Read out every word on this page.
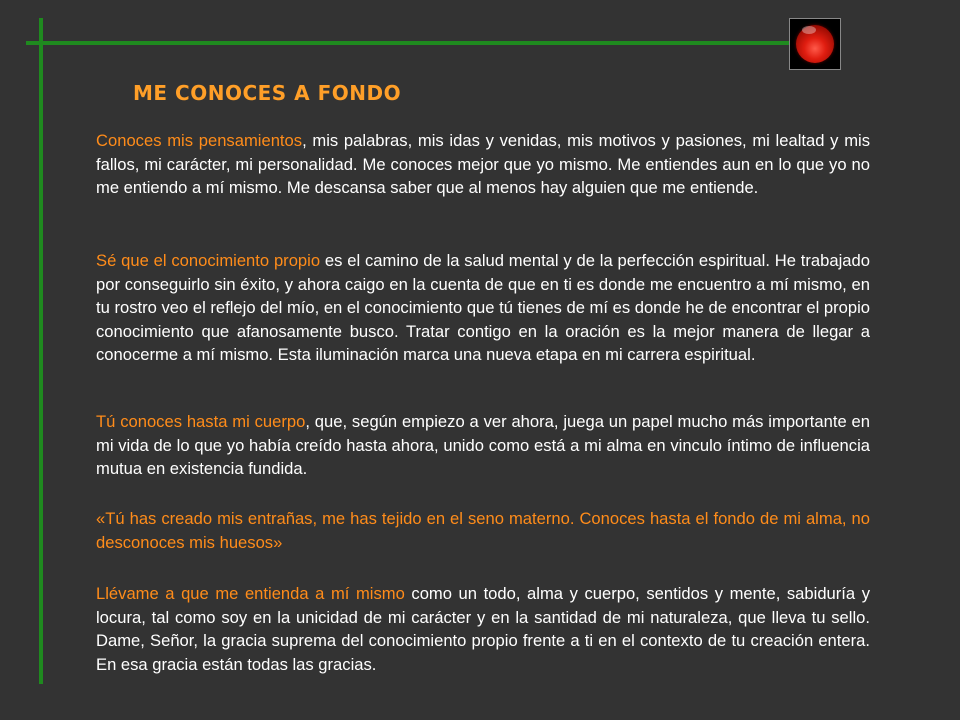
ME CONOCES A FONDO

Conoces mis pensamientos, mis palabras, mis idas y venidas, mis motivos y pasiones, mi lealtad y mis fallos, mi carácter, mi personalidad. Me conoces mejor que yo mismo. Me entiendes aun en lo que yo no me entiendo a mí mismo. Me descansa saber que al menos hay alguien que me entiende.

Sé que el conocimiento propio es el camino de la salud mental y de la perfección espiritual. He trabajado por conseguirlo sin éxito, y ahora caigo en la cuenta de que en ti es donde me encuentro a mí mismo, en tu rostro veo el reflejo del mío, en el conocimiento que tú tienes de mí es donde he de encontrar el propio conocimiento que afanosamente busco. Tratar contigo en la oración es la mejor manera de llegar a conocerme a mí mismo. Esta iluminación marca una nueva etapa en mi carrera espiritual.

Tú conoces hasta mi cuerpo, que, según empiezo a ver ahora, juega un papel mucho más importante en mi vida de lo que yo había creído hasta ahora, unido como está a mi alma en vinculo íntimo de influencia mutua en existencia fundida.

«Tú has creado mis entrañas, me has tejido en el seno materno. Conoces hasta el fondo de mi alma, no desconoces mis huesos»

Llévame a que me entienda a mí mismo como un todo, alma y cuerpo, sentidos y mente, sabiduría y locura, tal como soy en la unicidad de mi carácter y en la santidad de mi naturaleza, que lleva tu sello. Dame, Señor, la gracia suprema del conocimiento propio frente a ti en el contexto de tu creación entera. En esa gracia están todas las gracias.
